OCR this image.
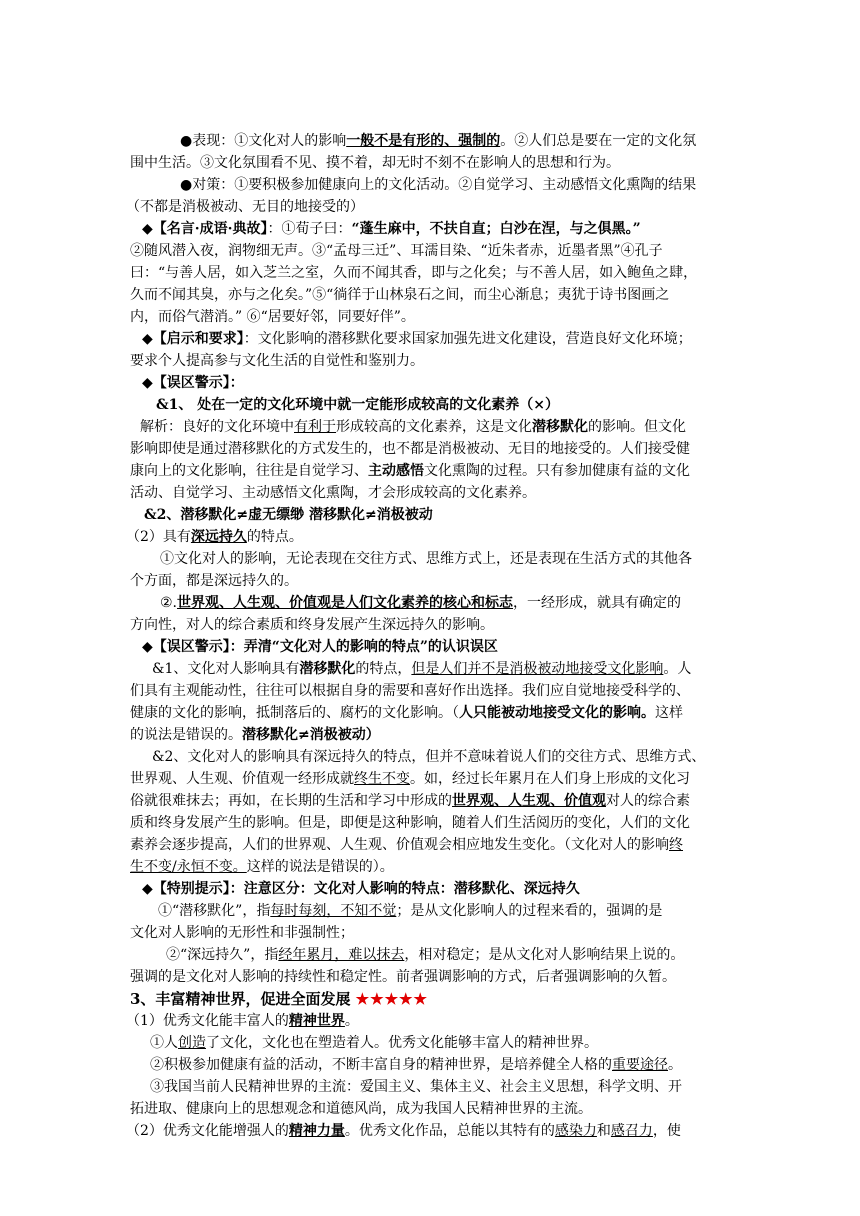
●表现：①文化对人的影响一般不是有形的、强制的。②人们总是要在一定的文化氛
围中生活。③文化氛围看不见、摸不着，却无时不刻不在影响人的思想和行为。
●对策：①要积极参加健康向上的文化活动。②自觉学习、主动感悟文化熏陶的结果
（不都是消极被动、无目的地接受的）
◆【名言·成语·典故】：①荀子曰：“蓬生麻中，不扶自直；白沙在涅，与之俱黑。”
②随风潜入夜，润物细无声。③“孟母三迁”、耳濡目染、“近朱者赤，近墨者黑”④孔子
曰：“与善人居，如入芝兰之室，久而不闻其香，即与之化矣；与不善人居，如入鲍鱼之肆，
久而不闻其臭，亦与之化矣。”⑤“徜徉于山林泉石之间，而尘心渐息；夷犹于诗书图画之
内，而俗气潜消。” ⑥“居要好邻，同要好伴”。
◆【启示和要求】：文化影响的潜移默化要求国家加强先进文化建设，营造良好文化环境；
要求个人提高参与文化生活的自觉性和鉴别力。
◆【误区警示】：
&1、 处在一定的文化环境中就一定能形成较高的文化素养（×）
解析：良好的文化环境中有利于形成较高的文化素养，这是文化潜移默化的影响。但文化
影响即使是通过潜移默化的方式发生的，也不都是消极被动、无目的地接受的。人们接受健
康向上的文化影响，往往是自觉学习、主动感悟文化熏陶的过程。只有参加健康有益的文化
活动、自觉学习、主动感悟文化熏陶，才会形成较高的文化素养。
&2、潜移默化≠虚无缥缈 潜移默化≠消极被动
（2）具有深远持久的特点。
①文化对人的影响，无论表现在交往方式、思维方式上，还是表现在生活方式的其他各
个方面，都是深远持久的。
②.世界观、人生观、价值观是人们文化素养的核心和标志，一经形成，就具有确定的
方向性，对人的综合素质和终身发展产生深远持久的影响。
◆【误区警示】：弄清“文化对人的影响的特点”的认识误区
&1、文化对人影响具有潜移默化的特点，但是人们并不是消极被动地接受文化影响。人
们具有主观能动性，往往可以根据自身的需要和喜好作出选择。我们应自觉地接受科学的、
健康的文化的影响，抵制落后的、腐朽的文化影响。（人只能被动地接受文化的影响。这样
的说法是错误的。潜移默化≠消极被动）
&2、文化对人的影响具有深远持久的特点，但并不意味着说人们的交往方式、思维方式、
世界观、人生观、价值观一经形成就终生不变。如，经过长年累月在人们身上形成的文化习
俗就很难抹去；再如，在长期的生活和学习中形成的世界观、人生观、价值观对人的综合素
质和终身发展产生的影响。但是，即便是这种影响，随着人们生活阅历的变化，人们的文化
素养会逐步提高，人们的世界观、人生观、价值观会相应地发生变化。（文化对人的影响终
生不变/永恒不变。这样的说法是错误的）。
◆【特别提示】：注意区分：文化对人影响的特点：潜移默化、深远持久
①“潜移默化”，指每时每刻，不知不觉；是从文化影响人的过程来看的，强调的是
文化对人影响的无形性和非强制性；
②“深远持久”，指经年累月，难以抹去，相对稳定；是从文化对人影响结果上说的。
强调的是文化对人影响的持续性和稳定性。前者强调影响的方式，后者强调影响的久暂。
3、丰富精神世界，促进全面发展 ★★★★★
（1）优秀文化能丰富人的精神世界。
①人创造了文化，文化也在塑造着人。优秀文化能够丰富人的精神世界。
②积极参加健康有益的活动，不断丰富自身的精神世界，是培养健全人格的重要途径。
③我国当前人民精神世界的主流：爱国主义、集体主义、社会主义思想，科学文明、开
拓进取、健康向上的思想观念和道德风尚，成为我国人民精神世界的主流。
（2）优秀文化能增强人的精神力量。优秀文化作品，总能以其特有的感染力和感召力，使
